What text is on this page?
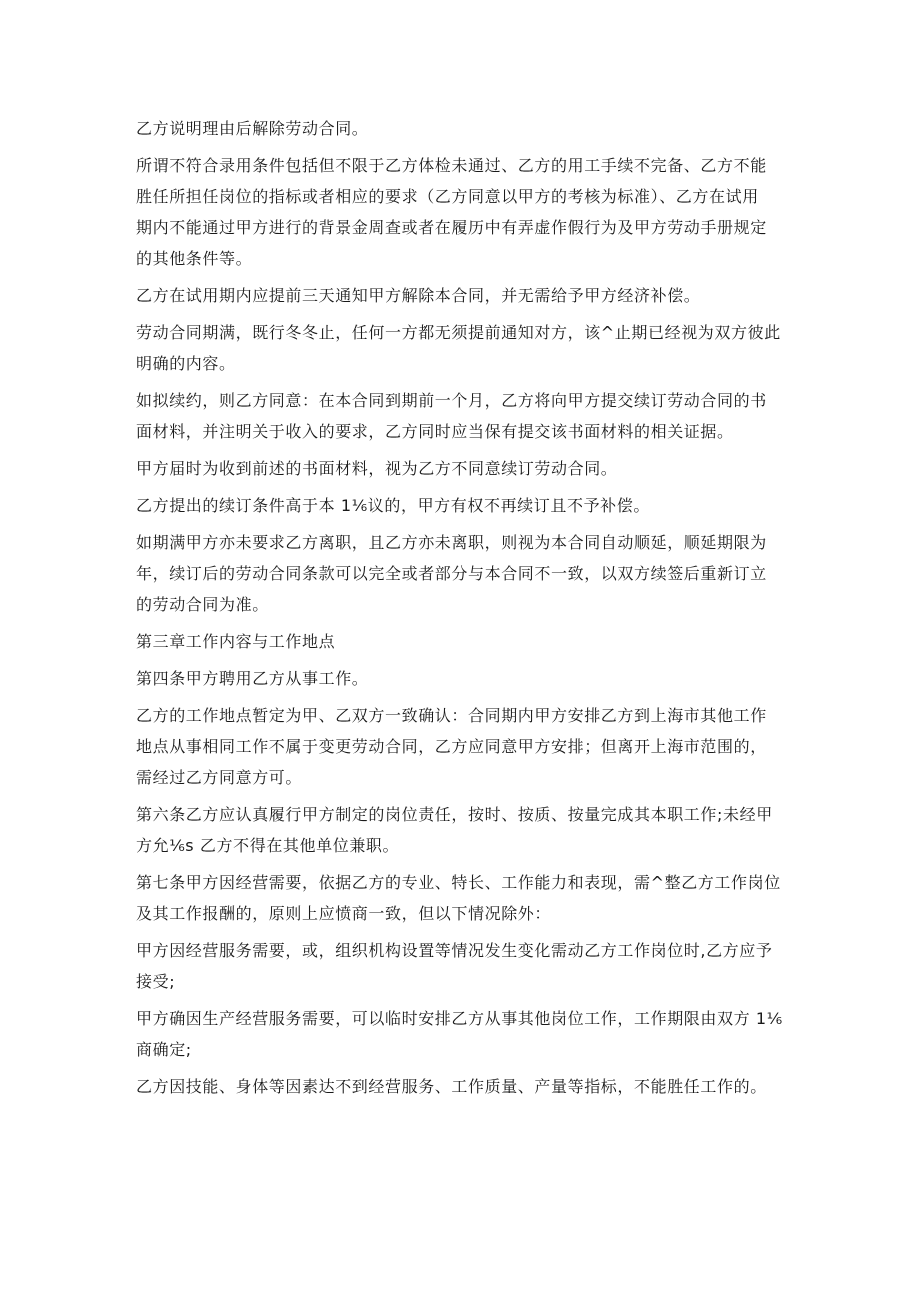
乙方说明理由后解除劳动合同。

所谓不符合录用条件包括但不限于乙方体检未通过、乙方的用工手续不完备、乙方不能
胜任所担任岗位的指标或者相应的要求（乙方同意以甲方的考核为标准）、乙方在试用
期内不能通过甲方进行的背景金周查或者在履历中有弄虚作假行为及甲方劳动手册规定
的其他条件等。

乙方在试用期内应提前三天通知甲方解除本合同，并无需给予甲方经济补偿。

劳动合同期满，既行冬冬止，任何一方都无须提前通知对方，该^止期已经视为双方彼此
明确的内容。

如拟续约，则乙方同意：在本合同到期前一个月，乙方将向甲方提交续订劳动合同的书
面材料，并注明关于收入的要求，乙方同时应当保有提交该书面材料的相关证据。

甲方届时为收到前述的书面材料，视为乙方不同意续订劳动合同。

乙方提出的续订条件高于本 1⅙议的，甲方有权不再续订且不予补偿。

如期满甲方亦未要求乙方离职，且乙方亦未离职，则视为本合同自动顺延，顺延期限为
年，续订后的劳动合同条款可以完全或者部分与本合同不一致，以双方续签后重新订立
的劳动合同为准。

第三章工作内容与工作地点

第四条甲方聘用乙方从事工作。

乙方的工作地点暂定为甲、乙双方一致确认：合同期内甲方安排乙方到上海市其他工作
地点从事相同工作不属于变更劳动合同，乙方应同意甲方安排；但离开上海市范围的，
需经过乙方同意方可。

第六条乙方应认真履行甲方制定的岗位责任，按时、按质、按量完成其本职工作;未经甲
方允⅙s 乙方不得在其他单位兼职。

第七条甲方因经营需要，依据乙方的专业、特长、工作能力和表现，需^整乙方工作岗位
及其工作报酬的，原则上应愤商一致，但以下情况除外：

甲方因经营服务需要，或，组织机构设置等情况发生变化需动乙方工作岗位时,乙方应予
接受;

甲方确因生产经营服务需要，可以临时安排乙方从事其他岗位工作，工作期限由双方 1⅙
商确定;

乙方因技能、身体等因素达不到经营服务、工作质量、产量等指标，不能胜任工作的。
